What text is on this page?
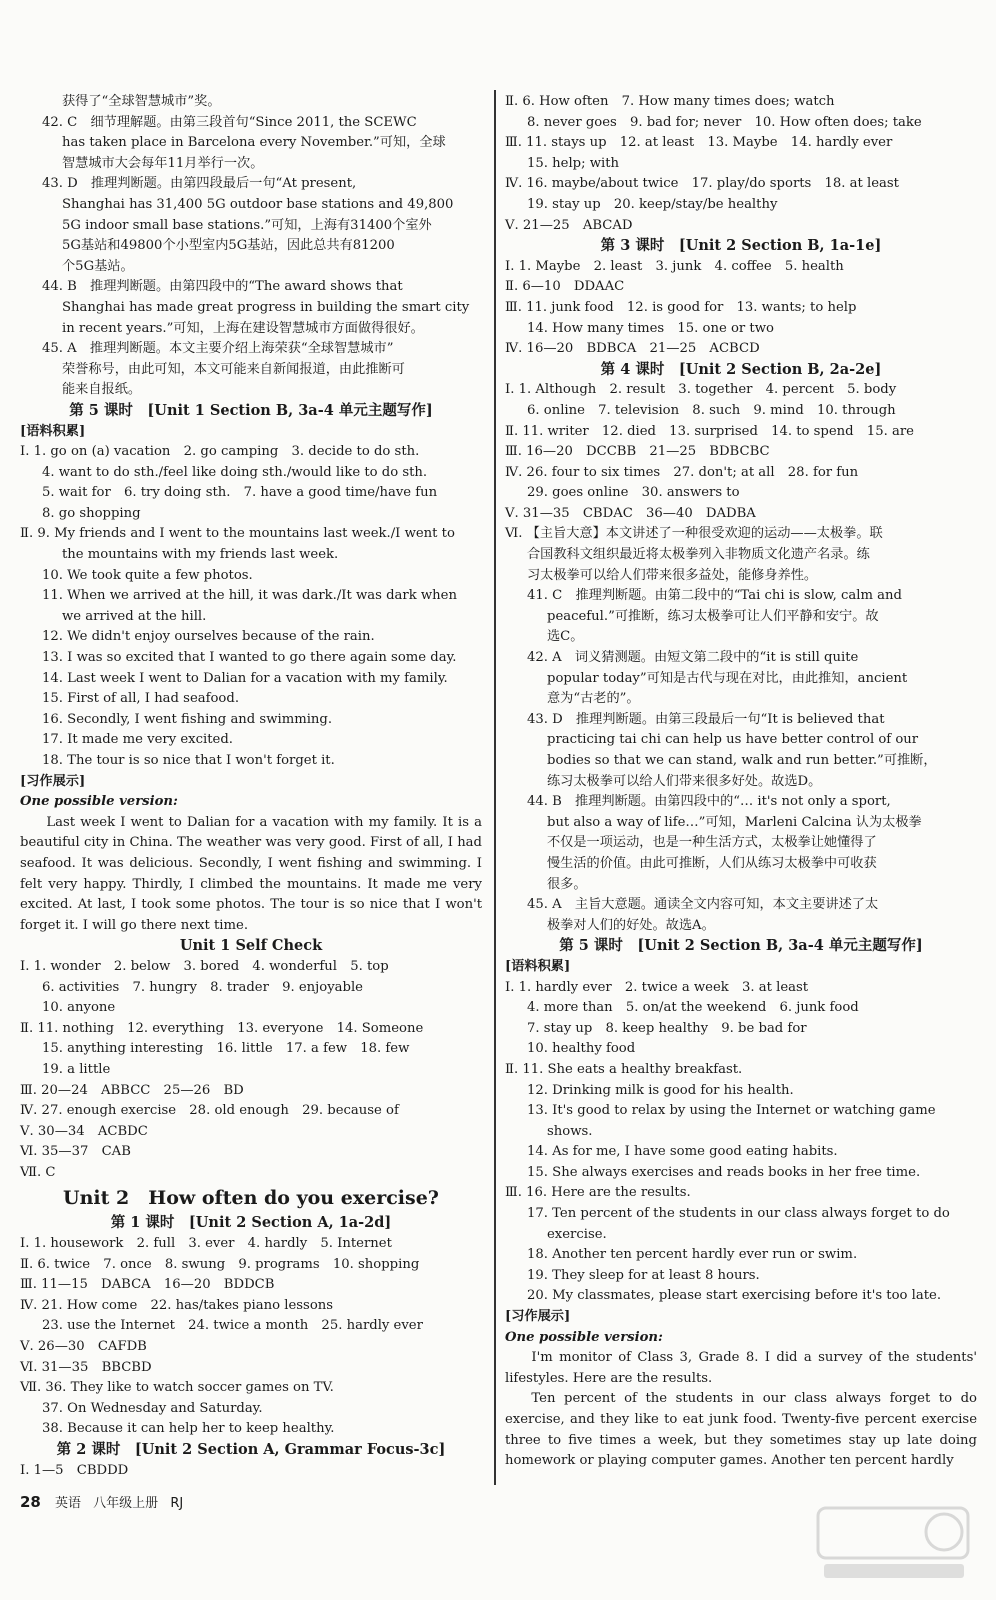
获得了“全球智慧城市”奖。
42. C　细节理解题。由第三段首句“Since 2011, the SCEWC
has taken place in Barcelona every November.”可知，全球
智慧城市大会每年11月举行一次。
43. D　推理判断题。由第四段最后一句“At present,
Shanghai has 31,400 5G outdoor base stations and 49,800
5G indoor small base stations.”可知，上海有31400个室外
5G基站和49800个小型室内5G基站，因此总共有81200
个5G基站。
44. B　推理判断题。由第四段中的“The award shows that
Shanghai has made great progress in building the smart city
in recent years.”可知，上海在建设智慧城市方面做得很好。
45. A　推理判断题。本文主要介绍上海荣获“全球智慧城市”
荣誉称号，由此可知，本文可能来自新闻报道，由此推断可
能来自报纸。
第 5 课时　[Unit 1 Section B, 3a-4 单元主题写作]
[语料积累]
Ⅰ. 1. go on (a) vacation　2. go camping　3. decide to do sth.
4. want to do sth./feel like doing sth./would like to do sth.
5. wait for　6. try doing sth.　7. have a good time/have fun
8. go shopping
Ⅱ. 9. My friends and I went to the mountains last week./I went to
the mountains with my friends last week.
10. We took quite a few photos.
11. When we arrived at the hill, it was dark./It was dark when
we arrived at the hill.
12. We didn't enjoy ourselves because of the rain.
13. I was so excited that I wanted to go there again some day.
14. Last week I went to Dalian for a vacation with my family.
15. First of all, I had seafood.
16. Secondly, I went fishing and swimming.
17. It made me very excited.
18. The tour is so nice that I won't forget it.
[习作展示]
One possible version:
Last week I went to Dalian for a vacation with my family. It is a beautiful city in China. The weather was very good. First of all, I had seafood. It was delicious. Secondly, I went fishing and swimming. I felt very happy. Thirdly, I climbed the mountains. It made me very excited. At last, I took some photos. The tour is so nice that I won't forget it. I will go there next time.
Unit 1 Self Check
Ⅰ. 1. wonder　2. below　3. bored　4. wonderful　5. top
6. activities　7. hungry　8. trader　9. enjoyable
10. anyone
Ⅱ. 11. nothing　12. everything　13. everyone　14. Someone
15. anything interesting　16. little　17. a few　18. few
19. a little
Ⅲ. 20—24　ABBCC　25—26　BD
Ⅳ. 27. enough exercise　28. old enough　29. because of
Ⅴ. 30—34　ACBDC
Ⅵ. 35—37　CAB
Ⅶ. C
Unit 2　How often do you exercise?
第 1 课时　[Unit 2 Section A, 1a-2d]
Ⅰ. 1. housework　2. full　3. ever　4. hardly　5. Internet
Ⅱ. 6. twice　7. once　8. swung　9. programs　10. shopping
Ⅲ. 11—15　DABCA　16—20　BDDCB
Ⅳ. 21. How come　22. has/takes piano lessons
23. use the Internet　24. twice a month　25. hardly ever
Ⅴ. 26—30　CAFDB
Ⅵ. 31—35　BBCBD
Ⅶ. 36. They like to watch soccer games on TV.
37. On Wednesday and Saturday.
38. Because it can help her to keep healthy.
第 2 课时　[Unit 2 Section A, Grammar Focus-3c]
Ⅰ. 1—5　CBDDD
Ⅱ. 6. How often　7. How many times does; watch
8. never goes　9. bad for; never　10. How often does; take
Ⅲ. 11. stays up　12. at least　13. Maybe　14. hardly ever
15. help; with
Ⅳ. 16. maybe/about twice　17. play/do sports　18. at least
19. stay up　20. keep/stay/be healthy
Ⅴ. 21—25　ABCAD
第 3 课时　[Unit 2 Section B, 1a-1e]
Ⅰ. 1. Maybe　2. least　3. junk　4. coffee　5. health
Ⅱ. 6—10　DDAAC
Ⅲ. 11. junk food　12. is good for　13. wants; to help
14. How many times　15. one or two
Ⅳ. 16—20　BDBCA　21—25　ACBCD
第 4 课时　[Unit 2 Section B, 2a-2e]
Ⅰ. 1. Although　2. result　3. together　4. percent　5. body
6. online　7. television　8. such　9. mind　10. through
Ⅱ. 11. writer　12. died　13. surprised　14. to spend　15. are
Ⅲ. 16—20　DCCBB　21—25　BDBCBC
Ⅳ. 26. four to six times　27. don't; at all　28. for fun
29. goes online　30. answers to
Ⅴ. 31—35　CBDAC　36—40　DADBA
Ⅵ. 【主旨大意】本文讲述了一种很受欢迎的运动——太极拳。联
合国教科文组织最近将太极拳列入非物质文化遗产名录。练
习太极拳可以给人们带来很多益处，能修身养性。
41. C　推理判断题。由第二段中的“Tai chi is slow, calm and
peaceful.”可推断，练习太极拳可让人们平静和安宁。故
选C。
42. A　词义猜测题。由短文第二段中的“it is still quite
popular today”可知是古代与现在对比，由此推知，ancient
意为“古老的”。
43. D　推理判断题。由第三段最后一句“It is believed that
practicing tai chi can help us have better control of our
bodies so that we can stand, walk and run better.”可推断，
练习太极拳可以给人们带来很多好处。故选D。
44. B　推理判断题。由第四段中的“… it's not only a sport,
but also a way of life…”可知，Marleni Calcina 认为太极拳
不仅是一项运动，也是一种生活方式，太极拳让她懂得了
慢生活的价值。由此可推断，人们从练习太极拳中可收获
很多。
45. A　主旨大意题。通读全文内容可知，本文主要讲述了太
极拳对人们的好处。故选A。
第 5 课时　[Unit 2 Section B, 3a-4 单元主题写作]
[语料积累]
Ⅰ. 1. hardly ever　2. twice a week　3. at least
4. more than　5. on/at the weekend　6. junk food
7. stay up　8. keep healthy　9. be bad for
10. healthy food
Ⅱ. 11. She eats a healthy breakfast.
12. Drinking milk is good for his health.
13. It's good to relax by using the Internet or watching game
shows.
14. As for me, I have some good eating habits.
15. She always exercises and reads books in her free time.
Ⅲ. 16. Here are the results.
17. Ten percent of the students in our class always forget to do
exercise.
18. Another ten percent hardly ever run or swim.
19. They sleep for at least 8 hours.
20. My classmates, please start exercising before it's too late.
[习作展示]
One possible version:
I'm monitor of Class 3, Grade 8. I did a survey of the students' lifestyles. Here are the results.
Ten percent of the students in our class always forget to do exercise, and they like to eat junk food. Twenty-five percent exercise three to five times a week, but they sometimes stay up late doing homework or playing computer games. Another ten percent hardly
28 英语 八年级上册 RJ
